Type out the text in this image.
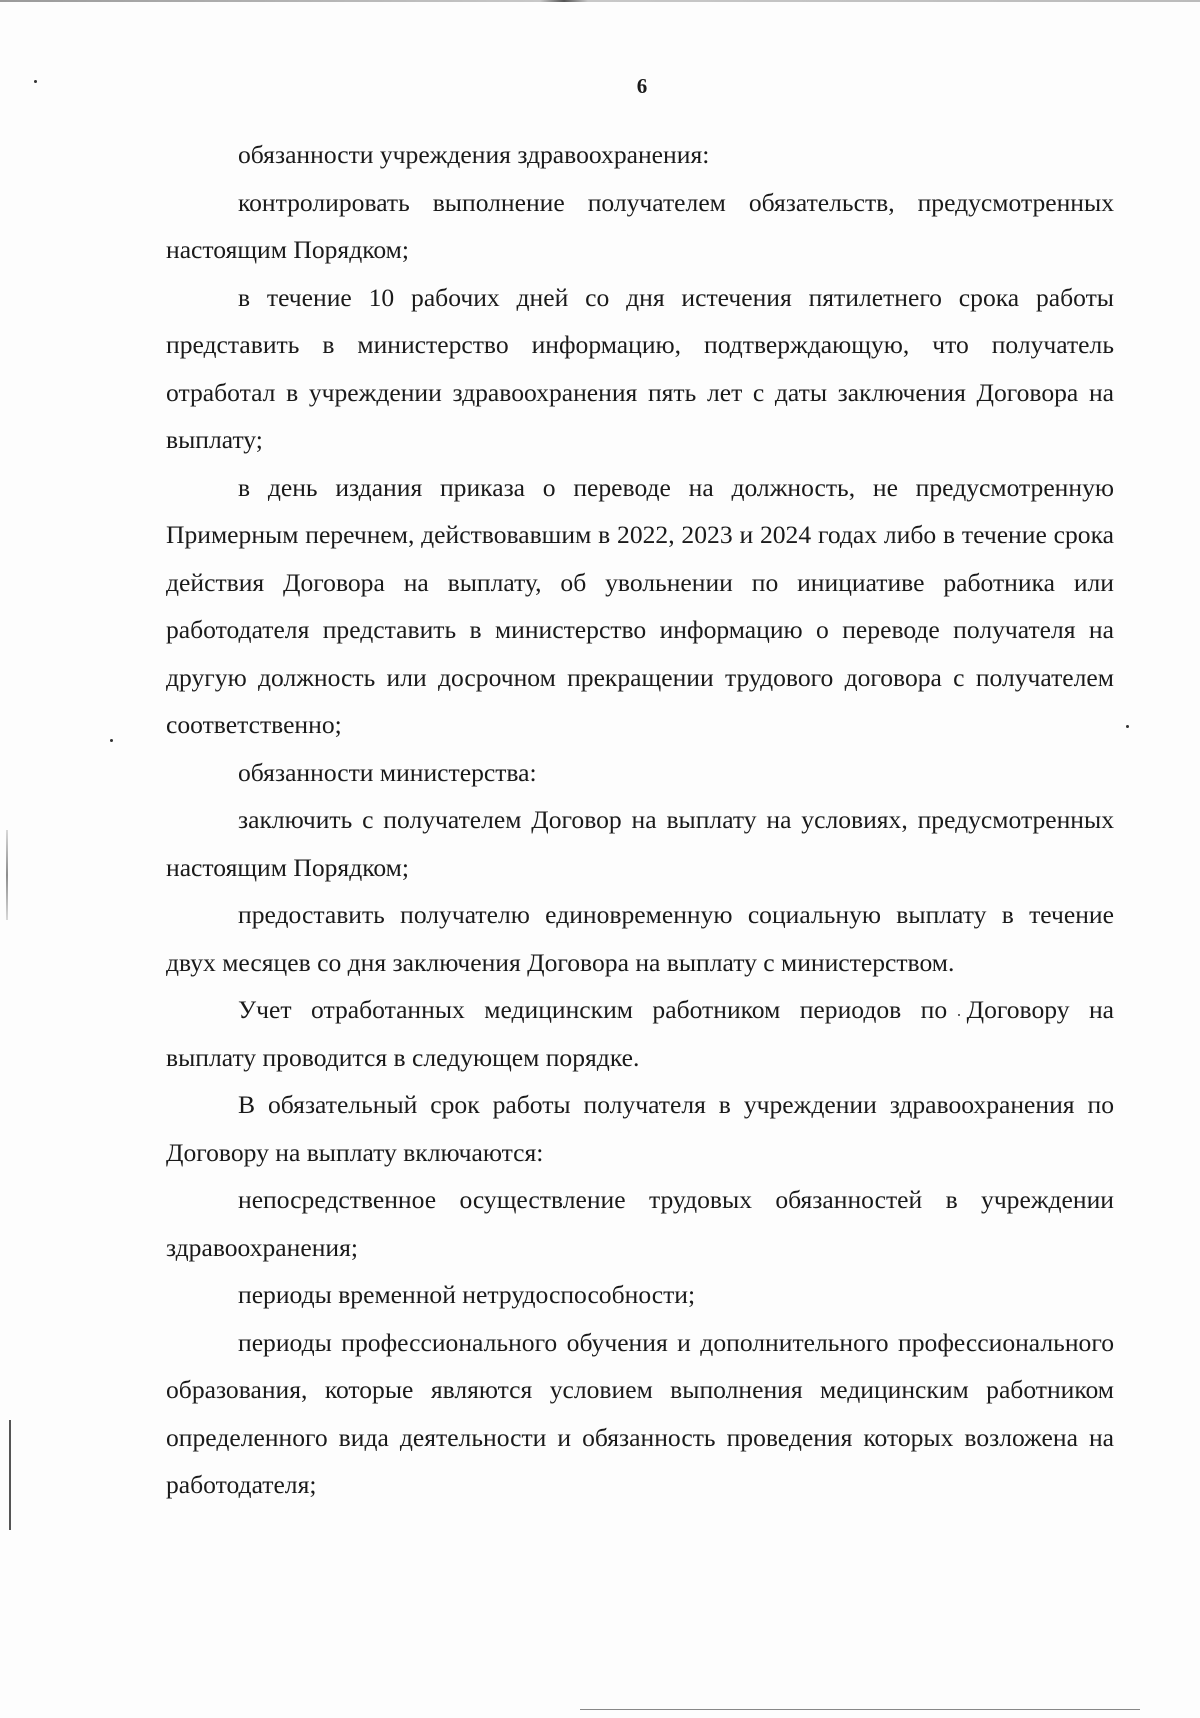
6

обязанности учреждения здравоохранения:

контролировать выполнение получателем обязательств, предусмотренных настоящим Порядком;

в течение 10 рабочих дней со дня истечения пятилетнего срока работы представить в министерство информацию, подтверждающую, что получатель отработал в учреждении здравоохранения пять лет с даты заключения Договора на выплату;

в день издания приказа о переводе на должность, не предусмотренную Примерным перечнем, действовавшим в 2022, 2023 и 2024 годах либо в течение срока действия Договора на выплату, об увольнении по инициативе работника или работодателя представить в министерство информацию о переводе получателя на другую должность или досрочном прекращении трудового договора с получателем соответственно;

обязанности министерства:

заключить с получателем Договор на выплату на условиях, предусмотренных настоящим Порядком;

предоставить получателю единовременную социальную выплату в течение двух месяцев со дня заключения Договора на выплату с министерством.

Учет отработанных медицинским работником периодов по Договору на выплату проводится в следующем порядке.

В обязательный срок работы получателя в учреждении здравоохранения по Договору на выплату включаются:

непосредственное осуществление трудовых обязанностей в учреждении здравоохранения;

периоды временной нетрудоспособности;

периоды профессионального обучения и дополнительного профессионального образования, которые являются условием выполнения медицинским работником определенного вида деятельности и обязанность проведения которых возложена на работодателя;
